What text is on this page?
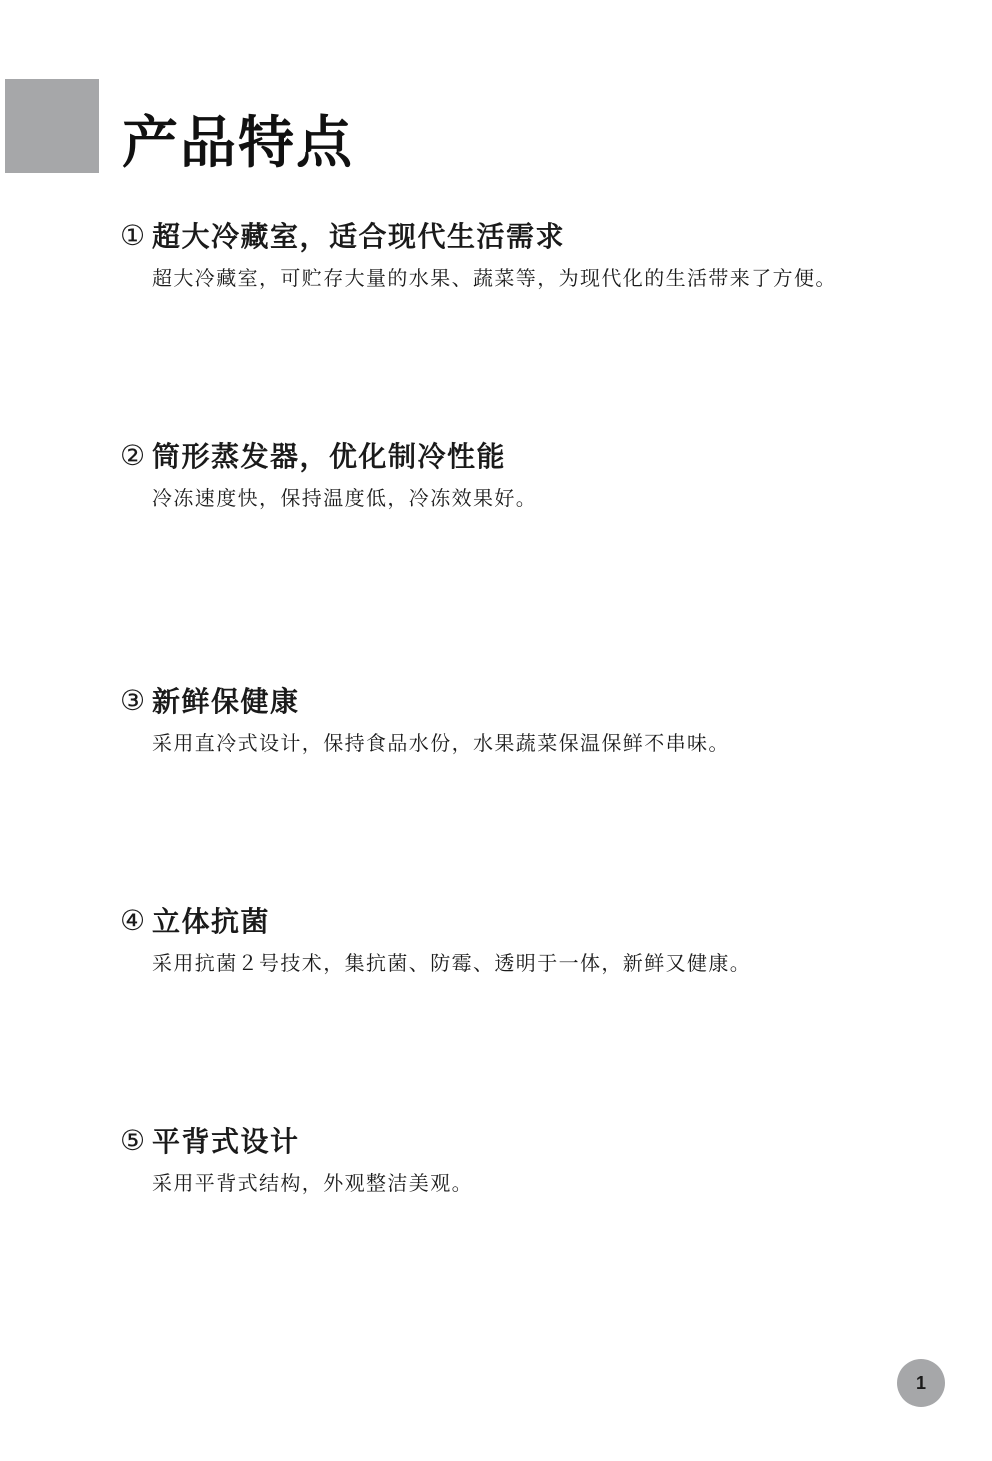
产品特点
① 超大冷藏室，适合现代生活需求

超大冷藏室，可贮存大量的水果、蔬菜等，为现代化的生活带来了方便。

② 筒形蒸发器，优化制冷性能

冷冻速度快，保持温度低，冷冻效果好。

③ 新鲜保健康

采用直冷式设计，保持食品水份，水果蔬菜保温保鲜不串味。

④ 立体抗菌

采用抗菌２号技术，集抗菌、防霉、透明于一体，新鲜又健康。

⑤ 平背式设计

采用平背式结构，外观整洁美观。

1
